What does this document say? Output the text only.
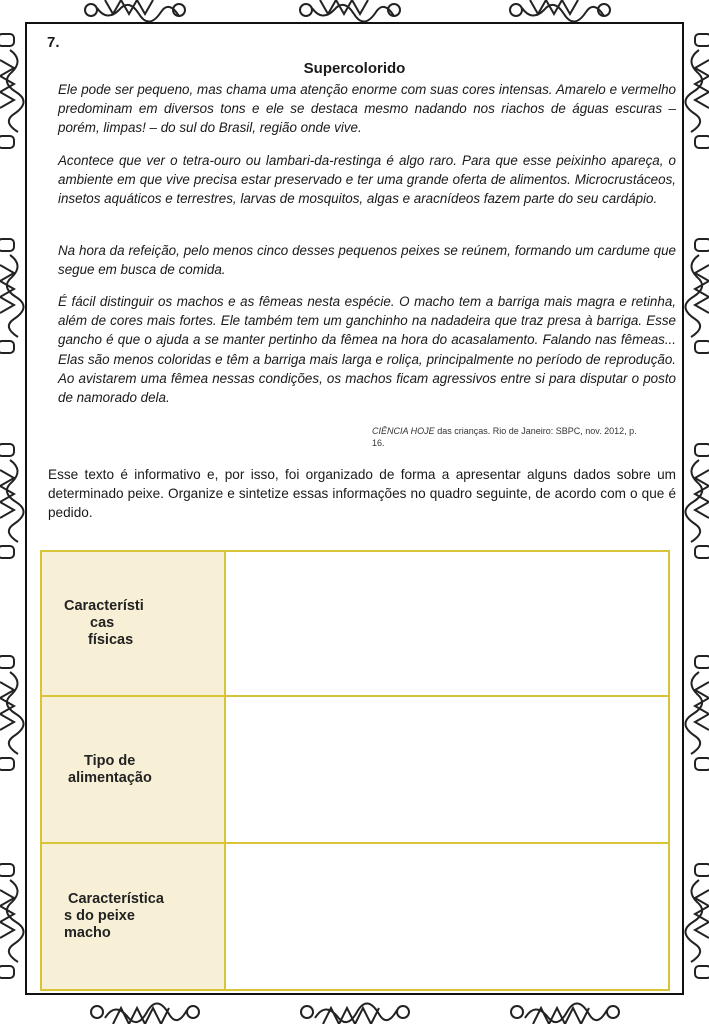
7.
Supercolorido

Ele pode ser pequeno, mas chama uma atenção enorme com suas cores intensas. Amarelo e vermelho predominam em diversos tons e ele se destaca mesmo nadando nos riachos de águas escuras – porém, limpas! – do sul do Brasil, região onde vive.

Acontece que ver o tetra-ouro ou lambari-da-restinga é algo raro. Para que esse peixinho apareça, o ambiente em que vive precisa estar preservado e ter uma grande oferta de alimentos. Microcrustáceos, insetos aquáticos e terrestres, larvas de mosquitos, algas e aracnídeos fazem parte do seu cardápio.

Na hora da refeição, pelo menos cinco desses pequenos peixes se reúnem, formando um cardume que segue em busca de comida.

É fácil distinguir os machos e as fêmeas nesta espécie. O macho tem a barriga mais magra e retinha, além de cores mais fortes. Ele também tem um ganchinho na nadadeira que traz presa à barriga. Esse gancho é que o ajuda a se manter pertinho da fêmea na hora do acasalamento. Falando nas fêmeas... Elas são menos coloridas e têm a barriga mais larga e roliça, principalmente no período de reprodução. Ao avistarem uma fêmea nessas condições, os machos ficam agressivos entre si para disputar o posto de namorado dela.

CIÊNCIA HOJE das crianças. Rio de Janeiro: SBPC, nov. 2012, p. 16.

Esse texto é informativo e, por isso, foi organizado de forma a apresentar alguns dados sobre um determinado peixe. Organize e sintetize essas informações no quadro seguinte, de acordo com o que é pedido.

Característi
cas
físicas	
Tipo de
alimentação	
Característica
s do peixe
macho	
